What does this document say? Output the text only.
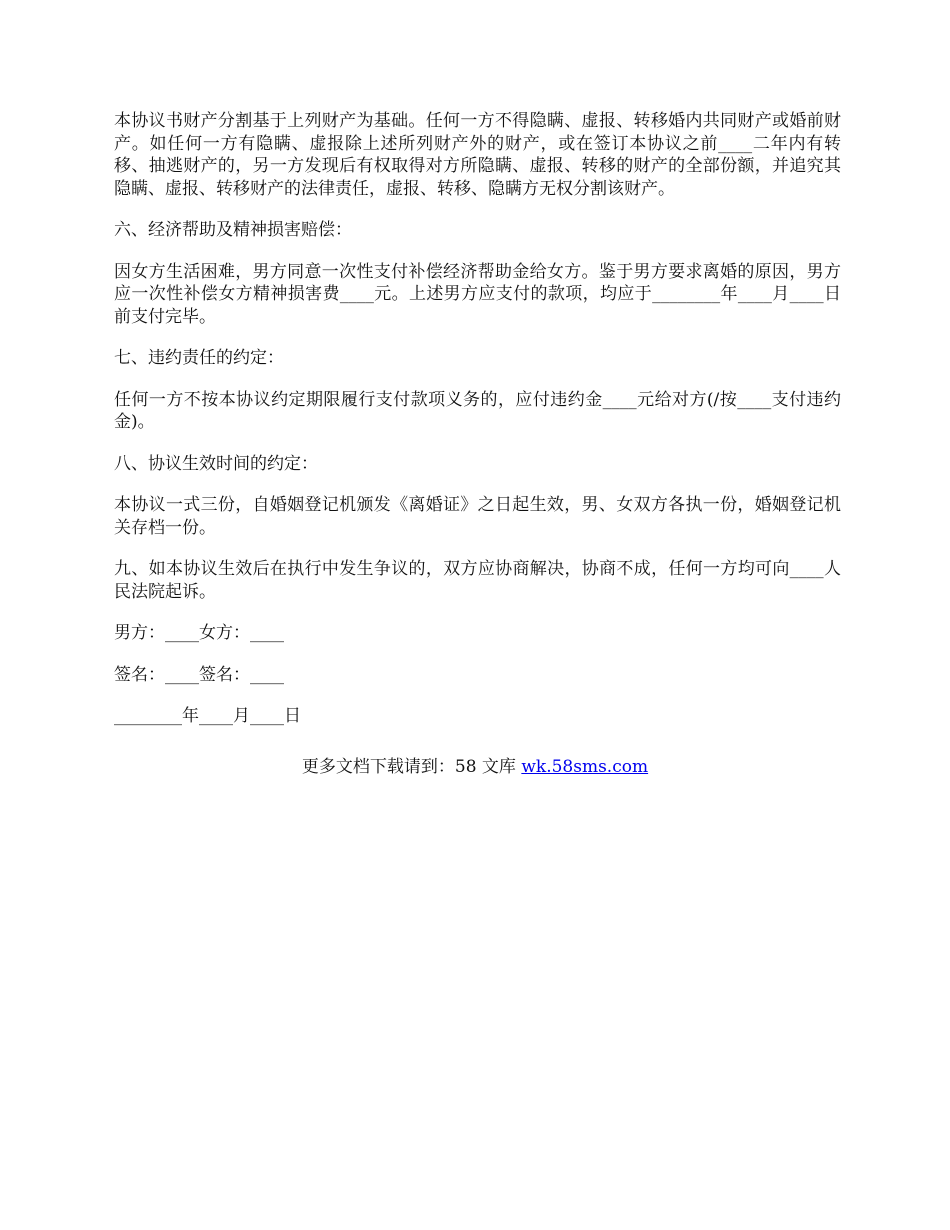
本协议书财产分割基于上列财产为基础。任何一方不得隐瞒、虚报、转移婚内共同财产或婚前财产。如任何一方有隐瞒、虚报除上述所列财产外的财产，或在签订本协议之前____二年内有转移、抽逃财产的，另一方发现后有权取得对方所隐瞒、虚报、转移的财产的全部份额，并追究其隐瞒、虚报、转移财产的法律责任，虚报、转移、隐瞒方无权分割该财产。

六、经济帮助及精神损害赔偿：

因女方生活困难，男方同意一次性支付补偿经济帮助金给女方。鉴于男方要求离婚的原因，男方应一次性补偿女方精神损害费____元。上述男方应支付的款项，均应于________年____月____日前支付完毕。

七、违约责任的约定：

任何一方不按本协议约定期限履行支付款项义务的，应付违约金____元给对方(/按____支付违约金)。

八、协议生效时间的约定：

本协议一式三份，自婚姻登记机颁发《离婚证》之日起生效，男、女双方各执一份，婚姻登记机关存档一份。

九、如本协议生效后在执行中发生争议的，双方应协商解决，协商不成，任何一方均可向____人民法院起诉。

男方：____女方：____

签名：____签名：____

________年____月____日

更多文档下载请到：58 文库 wk.58sms.com
